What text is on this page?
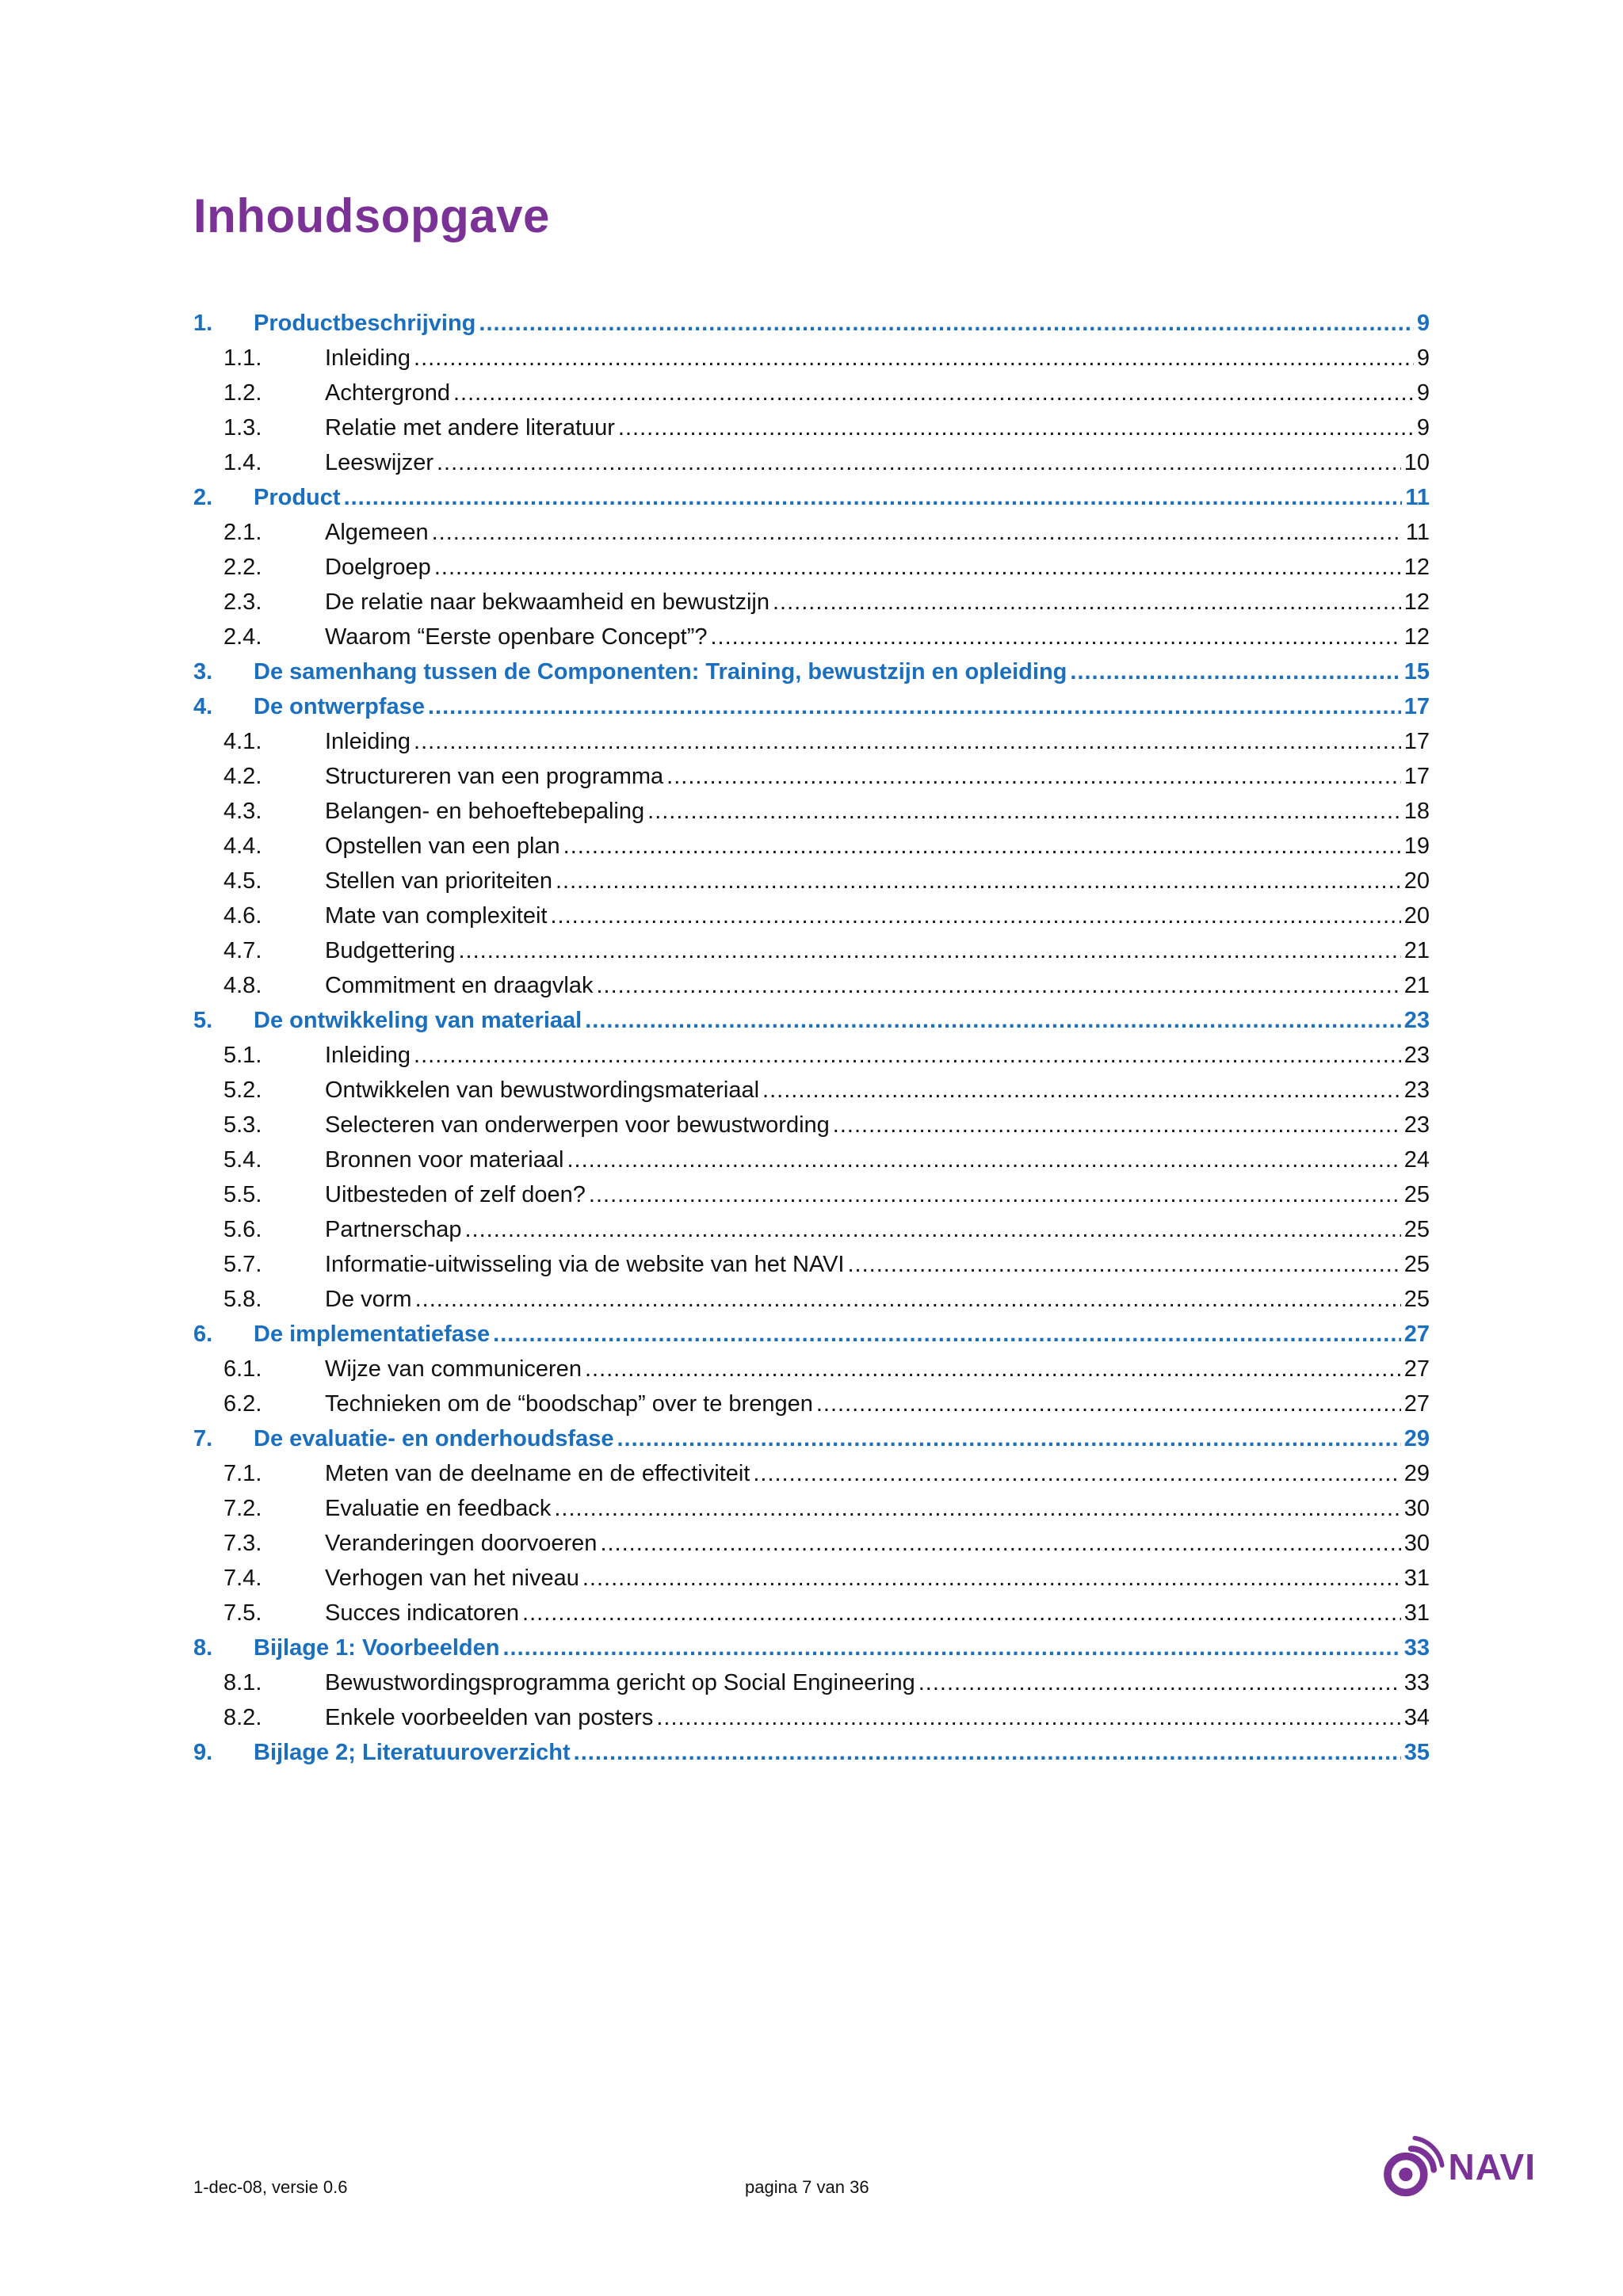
Inhoudsopgave
1. Productbeschrijving .....	9
1.1.	Inleiding .....	9
1.2.	Achtergrond .....	9
1.3.	Relatie met andere literatuur .....	9
1.4.	Leeswijzer .....	10
2. Product .....	11
2.1.	Algemeen .....	11
2.2.	Doelgroep .....	12
2.3.	De relatie naar bekwaamheid en bewustzijn .....	12
2.4.	Waarom “Eerste openbare Concept”? .....	12
3. De samenhang tussen de Componenten: Training, bewustzijn en opleiding .....	15
4. De ontwerpfase .....	17
4.1.	Inleiding .....	17
4.2.	Structureren van een programma .....	17
4.3.	Belangen- en behoeftebepaling .....	18
4.4.	Opstellen van een plan .....	19
4.5.	Stellen van prioriteiten .....	20
4.6.	Mate van complexiteit .....	20
4.7.	Budgettering .....	21
4.8.	Commitment en draagvlak .....	21
5. De ontwikkeling van materiaal .....	23
5.1.	Inleiding .....	23
5.2.	Ontwikkelen van bewustwordingsmateriaal .....	23
5.3.	Selecteren van onderwerpen voor bewustwording .....	23
5.4.	Bronnen voor materiaal .....	24
5.5.	Uitbesteden of zelf doen? .....	25
5.6.	Partnerschap .....	25
5.7.	Informatie-uitwisseling via de website van het NAVI .....	25
5.8.	De vorm .....	25
6. De implementatiefase .....	27
6.1.	Wijze van communiceren .....	27
6.2.	Technieken om de “boodschap” over te brengen .....	27
7. De evaluatie- en onderhoudsfase .....	29
7.1.	Meten van de deelname en de effectiviteit .....	29
7.2.	Evaluatie en feedback .....	30
7.3.	Veranderingen doorvoeren .....	30
7.4.	Verhogen van het niveau .....	31
7.5.	Succes indicatoren .....	31
8. Bijlage 1: Voorbeelden .....	33
8.1.	Bewustwordingsprogramma gericht op Social Engineering .....	33
8.2.	Enkele voorbeelden van posters .....	34
9. Bijlage 2; Literatuuroverzicht .....	35
1-dec-08, versie 0.6	pagina 7 van 36	NAVI
